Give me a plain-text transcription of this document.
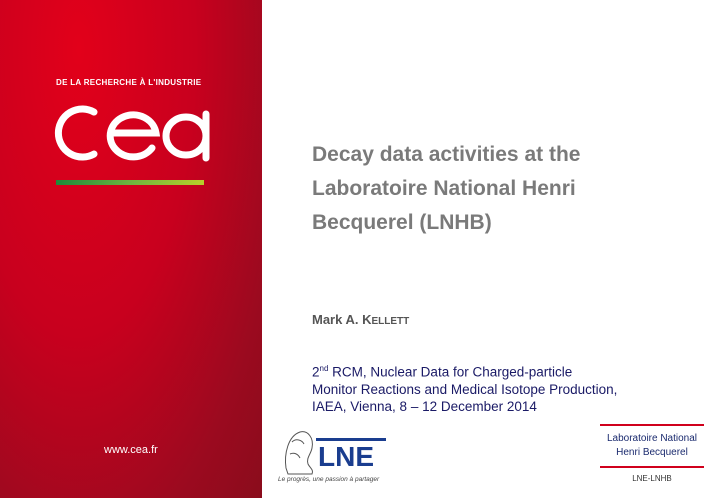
DE LA RECHERCHE À L'INDUSTRIE
www.cea.fr
Decay data activities at the
Laboratoire National Henri
Becquerel (LNHB)
Mark A. KELLETT
2nd RCM, Nuclear Data for Charged-particle
Monitor Reactions and Medical Isotope Production,
IAEA, Vienna, 8 – 12 December 2014
LNE
Le progrès, une passion à partager
Laboratoire National
Henri Becquerel
LNE-LNHB
